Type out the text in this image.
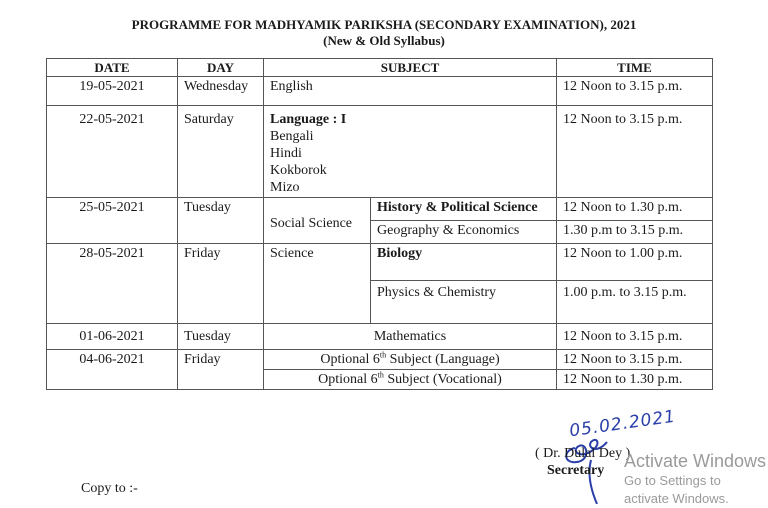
PROGRAMME FOR MADHYAMIK PARIKSHA (SECONDARY EXAMINATION), 2021
(New & Old Syllabus)
DATE	DAY	SUBJECT		TIME
19-05-2021	Wednesday	English		12 Noon to 3.15 p.m.
22-05-2021	Saturday	Language : I
Bengali
Hindi
Kokborok
Mizo		12 Noon to 3.15 p.m.
25-05-2021	Tuesday	Social Science	History & Political Science	12 Noon to 1.30 p.m.
			Geography & Economics	1.30 p.m to 3.15 p.m.
28-05-2021	Friday	Science	Biology	12 Noon to 1.00 p.m.
			Physics & Chemistry	1.00 p.m. to 3.15 p.m.
01-06-2021	Tuesday	Mathematics		12 Noon to 3.15 p.m.
04-06-2021	Friday	Optional 6th Subject (Language)		12 Noon to 3.15 p.m.
		Optional 6th Subject (Vocational)		12 Noon to 1.30 p.m.
05.02.2021
( Dr. Dulal Dey )
Secretary
Copy to :-
Activate Windows
Go to Settings to activate Windows.
